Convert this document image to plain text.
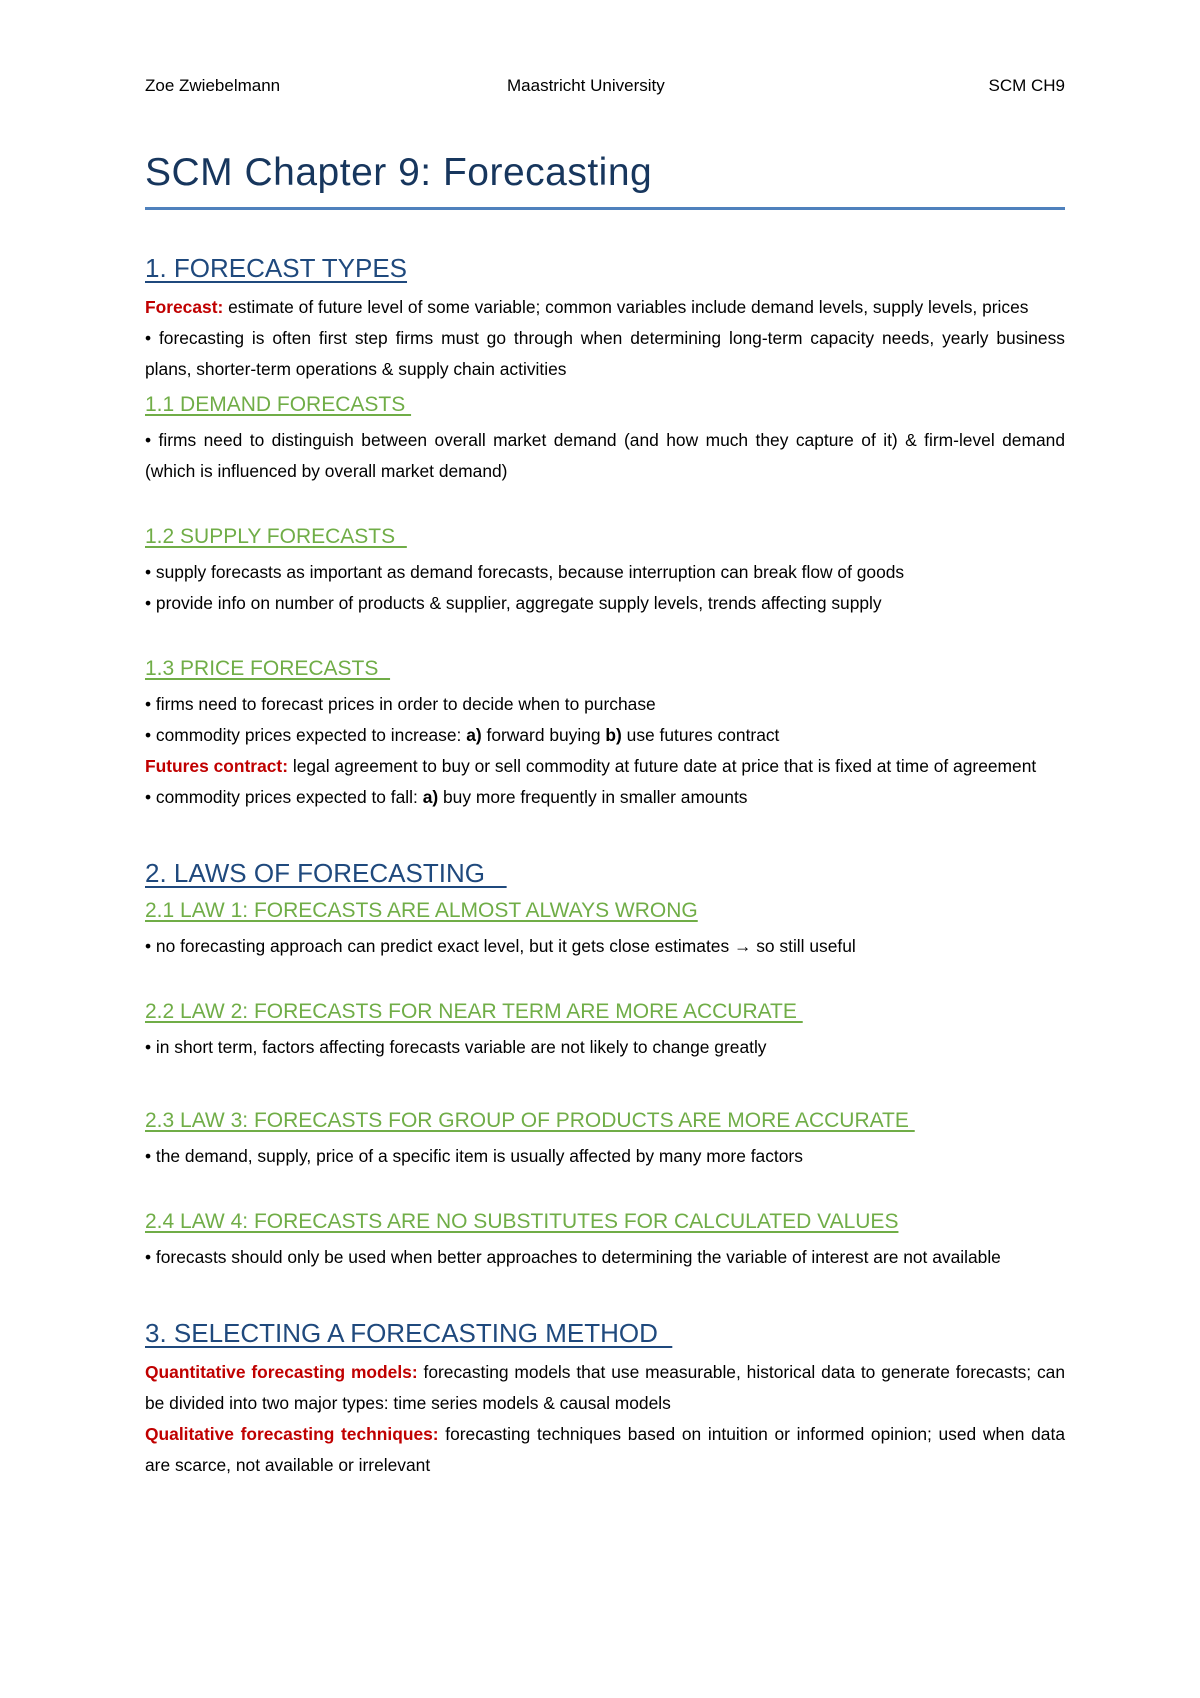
Zoe Zwiebelmann	Maastricht University	SCM CH9
SCM Chapter 9: Forecasting
1. FORECAST TYPES

Forecast: estimate of future level of some variable; common variables include demand levels, supply levels, prices

• forecasting is often first step firms must go through when determining long-term capacity needs, yearly business plans, shorter-term operations & supply chain activities

1.1 DEMAND FORECASTS

• firms need to distinguish between overall market demand (and how much they capture of it) & firm-level demand (which is influenced by overall market demand)

1.2 SUPPLY FORECASTS

• supply forecasts as important as demand forecasts, because interruption can break flow of goods

• provide info on number of products & supplier, aggregate supply levels, trends affecting supply

1.3 PRICE FORECASTS

• firms need to forecast prices in order to decide when to purchase

• commodity prices expected to increase: a) forward buying b) use futures contract

Futures contract: legal agreement to buy or sell commodity at future date at price that is fixed at time of agreement

• commodity prices expected to fall: a) buy more frequently in smaller amounts

2. LAWS OF FORECASTING
2.1 LAW 1: FORECASTS ARE ALMOST ALWAYS WRONG

• no forecasting approach can predict exact level, but it gets close estimates → so still useful

2.2 LAW 2: FORECASTS FOR NEAR TERM ARE MORE ACCURATE

• in short term, factors affecting forecasts variable are not likely to change greatly

2.3 LAW 3: FORECASTS FOR GROUP OF PRODUCTS ARE MORE ACCURATE

• the demand, supply, price of a specific item is usually affected by many more factors

2.4 LAW 4: FORECASTS ARE NO SUBSTITUTES FOR CALCULATED VALUES

• forecasts should only be used when better approaches to determining the variable of interest are not available

3. SELECTING A FORECASTING METHOD

Quantitative forecasting models: forecasting models that use measurable, historical data to generate forecasts; can be divided into two major types: time series models & causal models

Qualitative forecasting techniques: forecasting techniques based on intuition or informed opinion; used when data are scarce, not available or irrelevant
